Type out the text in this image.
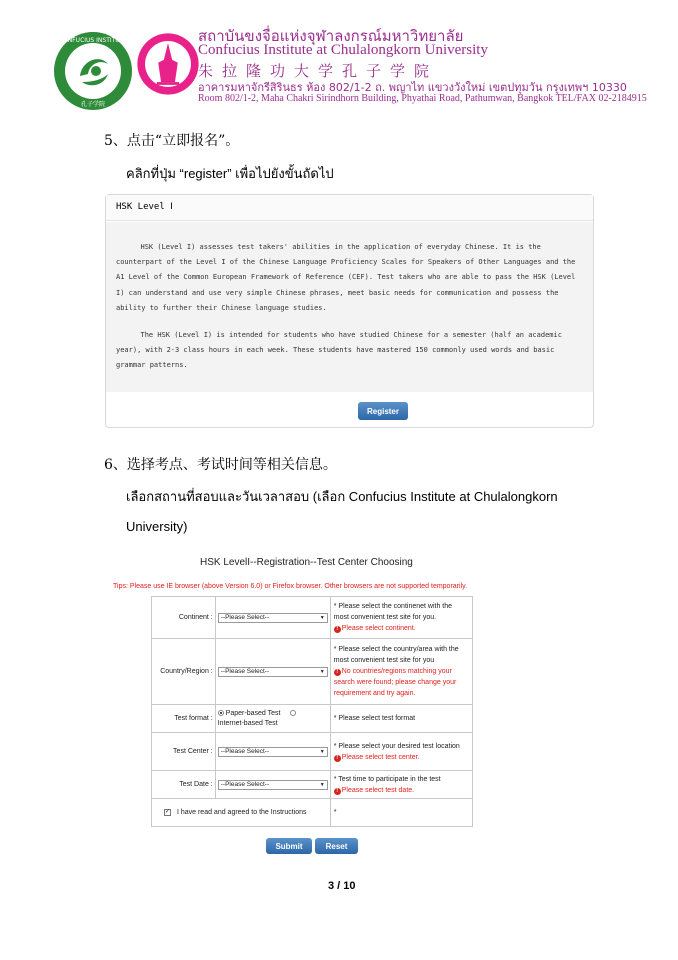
CONFUCIUS INSTITUTE
孔子学院
สถาบันขงจื่อแห่งจุฬาลงกรณ์มหาวิทยาลัย
Confucius Institute at Chulalongkorn University
朱拉隆功大学孔子学院
อาคารมหาจักรีสิรินธร ห้อง 802/1-2 ถ. พญาไท แขวงวังใหม่ เขตปทุมวัน กรุงเทพฯ 10330
Room 802/1-2, Maha Chakri Sirindhorn Building, Phyathai Road, Pathumwan, Bangkok TEL/FAX 02-2184915
5、点击“立即报名”。
คลิกที่ปุ่ม “register” เพื่อไปยังขั้นถัดไป
HSK Level Ⅰ

HSK (Level I) assesses test takers' abilities in the application of everyday Chinese. It is the counterpart of the Level I of the Chinese Language Proficiency Scales for Speakers of Other Languages and the A1 Level of the Common European Framework of Reference (CEF). Test takers who are able to pass the HSK (Level I) can understand and use very simple Chinese phrases, meet basic needs for communication and possess the ability to further their Chinese language studies.

The HSK (Level I) is intended for students who have studied Chinese for a semester (half an academic year), with 2-3 class hours in each week. These students have mastered 150 commonly used words and basic grammar patterns.

Register
6、选择考点、考试时间等相关信息。
เลือกสถานที่สอบและวันเวลาสอบ (เลือก Confucius Institute at Chulalongkorn
University)
HSK LevelI--Registration--Test Center Choosing
Tips: Please use IE browser (above Version 6.0) or Firefox browser. Other browsers are not supported temporarily.
Continent :	--Please Select-- ▼	* Please select the continenet with the most convenient test site for you.
! Please select continent.

Country/Region :	--Please Select-- ▼	* Please select the country/area with the most convenient test site for you
! No countries/regions matching your search were found; please change your requirement and try again.

Test format :	Paper-based Test
Internet-based Test	* Please select test format
Test Center :	--Please Select-- ▼	* Please select your desired test location
! Please select test center.

Test Date :	--Please Select-- ▼	* Test time to participate in the test
! Please select test date.

✓ I have read and agreed to the Instructions		*
Submit	Reset
3 / 10
